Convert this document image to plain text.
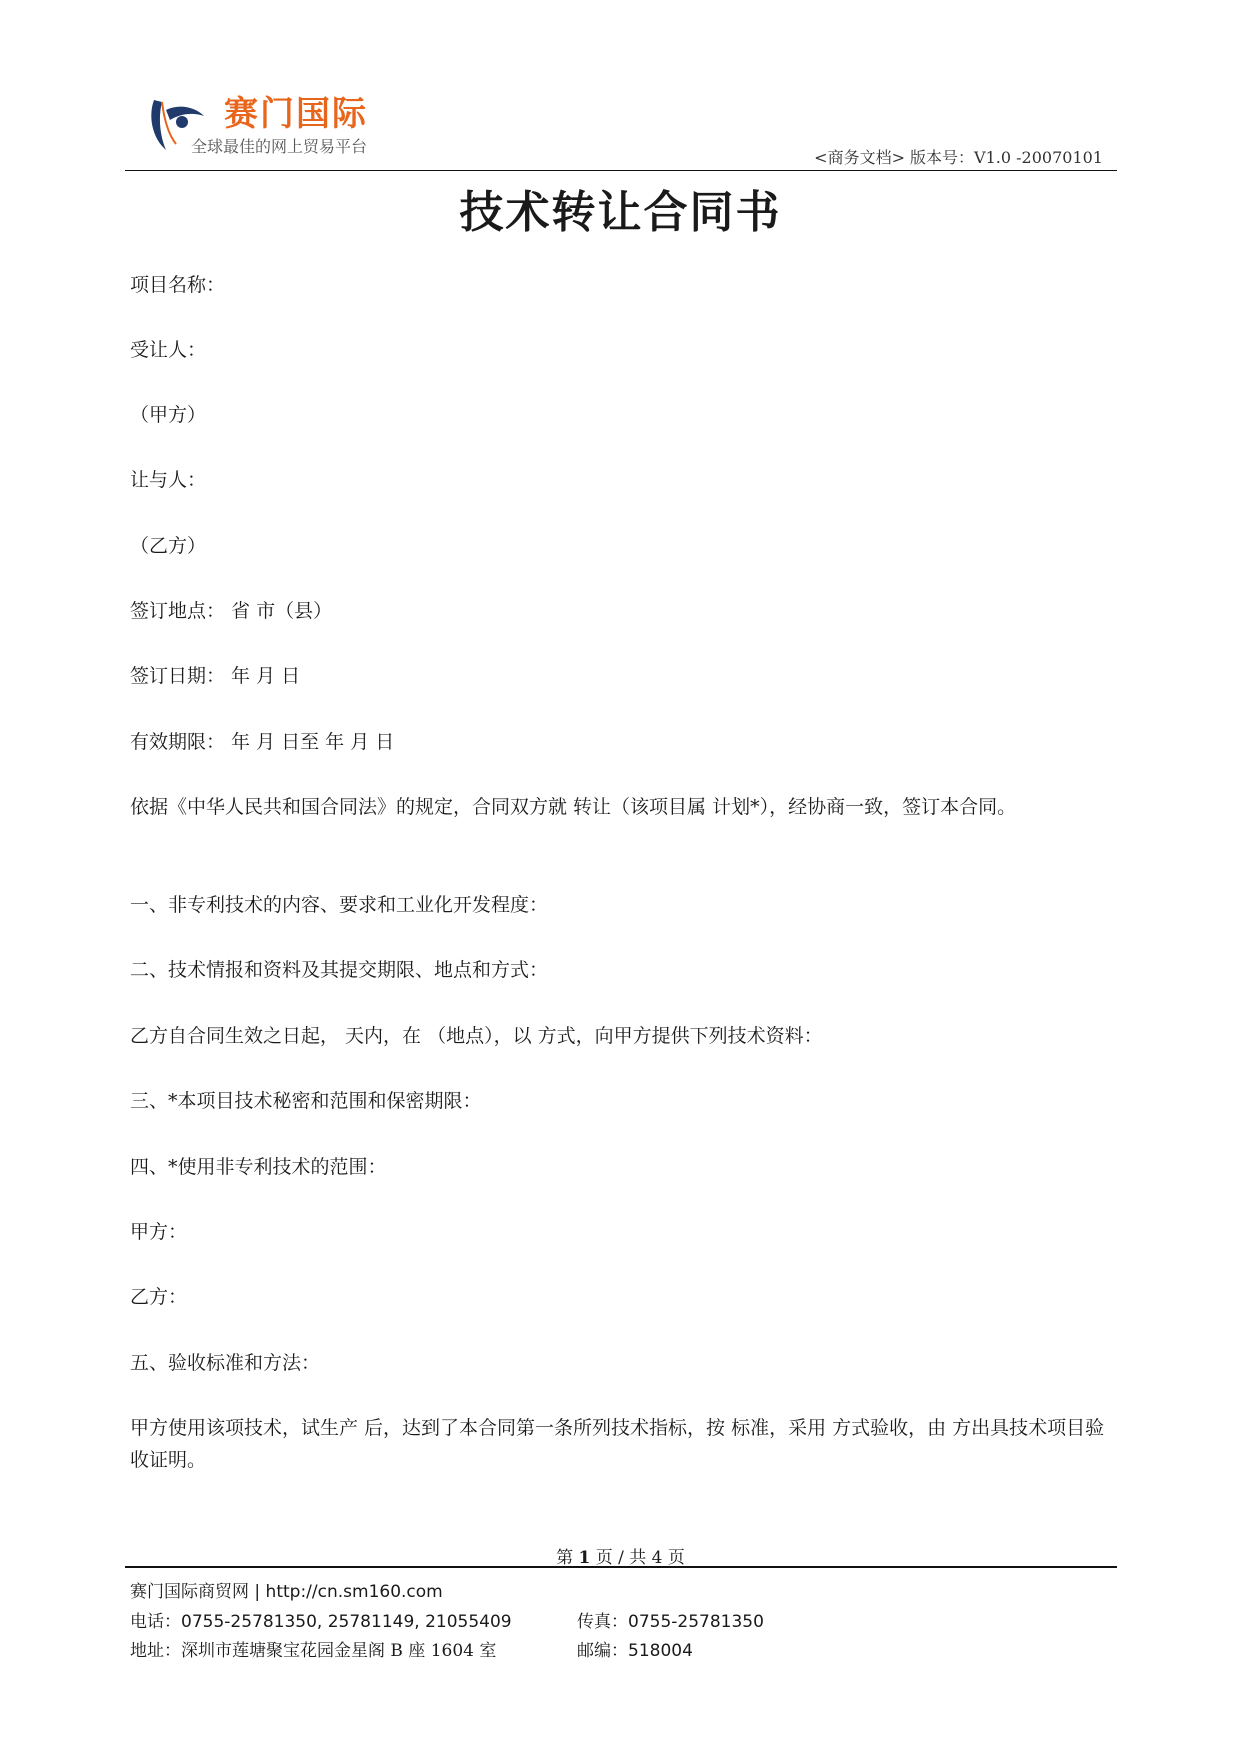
赛门国际
全球最佳的网上贸易平台
<商务文档> 版本号：V1.0 -20070101
技术转让合同书
项目名称：
受让人：
（甲方）
让与人：
（乙方）
签订地点： 省 市（县）
签订日期： 年 月 日
有效期限： 年 月 日至 年 月 日
依据《中华人民共和国合同法》的规定，合同双方就 转让（该项目属 计划*），经协商一致，签订本合同。
一、非专利技术的内容、要求和工业化开发程度：
二、技术情报和资料及其提交期限、地点和方式：
乙方自合同生效之日起， 天内，在 （地点），以 方式，向甲方提供下列技术资料：
三、*本项目技术秘密和范围和保密期限：
四、*使用非专利技术的范围：
甲方：
乙方：
五、验收标准和方法：
甲方使用该项技术，试生产 后，达到了本合同第一条所列技术指标，按 标准，采用 方式验收，由 方出具技术项目验收证明。
第 1 页 / 共 4 页
赛门国际商贸网 | http://cn.sm160.com
电话：0755-25781350, 25781149, 21055409	传真：0755-25781350
地址：深圳市莲塘聚宝花园金星阁 B 座 1604 室	邮编：518004
